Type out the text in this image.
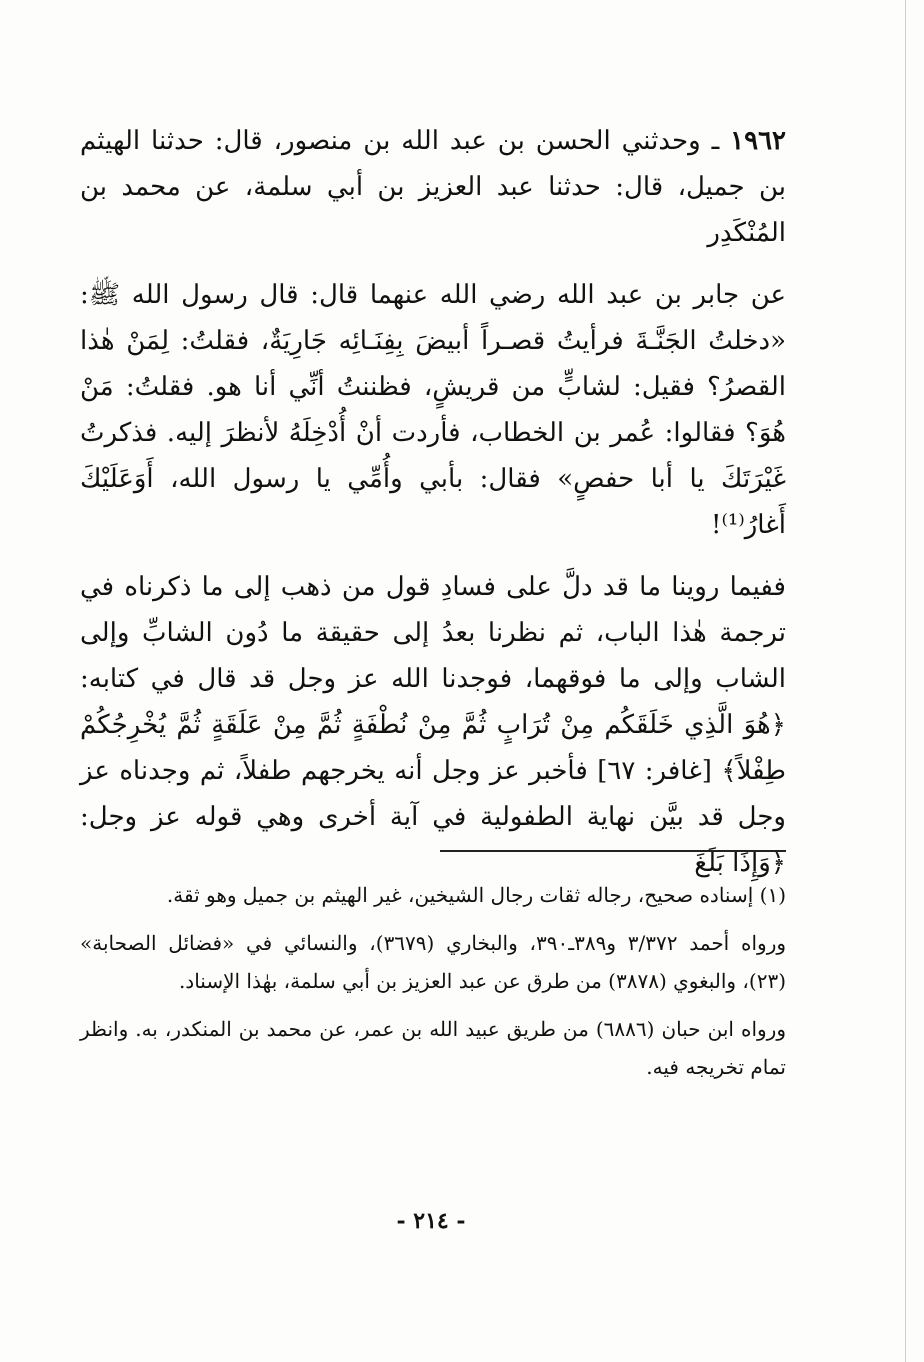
١٩٦٢ ـ وحدثني الحسن بن عبد الله بن منصور، قال: حدثنا الهيثم بن جميل، قال: حدثنا عبد العزيز بن أبي سلمة، عن محمد بن المُنْكَدِر

عن جابر بن عبد الله رضي الله عنهما قال: قال رسول الله ﷺ: «دخلتُ الجَنَّـةَ فرأيتُ قصـراً أبيضَ بِفِنَـائِه جَارِيَةٌ، فقلتُ: لِمَنْ هٰذا القصرُ؟ فقيل: لشابٍّ من قريشٍ، فظننتُ أنِّي أنا هو. فقلتُ: مَنْ هُوَ؟ فقالوا: عُمر بن الخطاب، فأردت أنْ أُدْخِلَهُ لأنظرَ إليه. فذكرتُ غَيْرَتَكَ يا أبا حفصٍ» فقال: بأبي وأُمِّي يا رسول الله، أَوَعَلَيْكَ أَغارُ⁽¹⁾!

ففيما روينا ما قد دلَّ على فسادِ قول من ذهب إلى ما ذكرناه في ترجمة هٰذا الباب، ثم نظرنا بعدُ إلى حقيقة ما دُون الشابِّ وإلى الشاب وإلى ما فوقهما، فوجدنا الله عز وجل قد قال في كتابه: ﴿هُوَ الَّذِي خَلَقَكُم مِنْ تُرَابٍ ثُمَّ مِنْ نُطْفَةٍ ثُمَّ مِنْ عَلَقَةٍ ثُمَّ يُخْرِجُكُمْ طِفْلاً﴾ [غافر: ٦٧] فأخبر عز وجل أنه يخرجهم طفلاً، ثم وجدناه عز وجل قد بيَّن نهاية الطفولية في آية أخرى وهي قوله عز وجل: ﴿وَإِذَا بَلَغَ

(١) إسناده صحيح، رجاله ثقات رجال الشيخين، غير الهيثم بن جميل وهو ثقة.

ورواه أحمد ٣/٣٧٢ و٣٨٩ـ٣٩٠، والبخاري (٣٦٧٩)، والنسائي في «فضائل الصحابة» (٢٣)، والبغوي (٣٨٧٨) من طرق عن عبد العزيز بن أبي سلمة، بهٰذا الإسناد.

ورواه ابن حبان (٦٨٨٦) من طريق عبيد الله بن عمر، عن محمد بن المنكدر، به. وانظر تمام تخريجه فيه.

- ٢١٤ -
